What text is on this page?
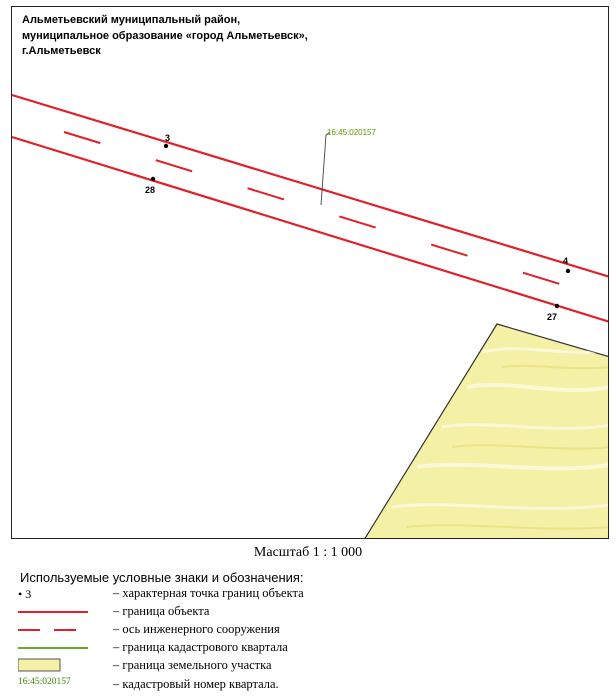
Альметьевский муниципальный район,
муниципальное образование «город Альметьевск»,
г.Альметьевск
3
28
4
27
16:45:020157
Масштаб 1 : 1 000
Используемые условные знаки и обозначения:
• 3	– характерная точка границ объекта
– граница объекта
– ось инженерного сооружения
– граница кадастрового квартала
– граница земельного участка
16:45:020157	– кадастровый номер квартала.
